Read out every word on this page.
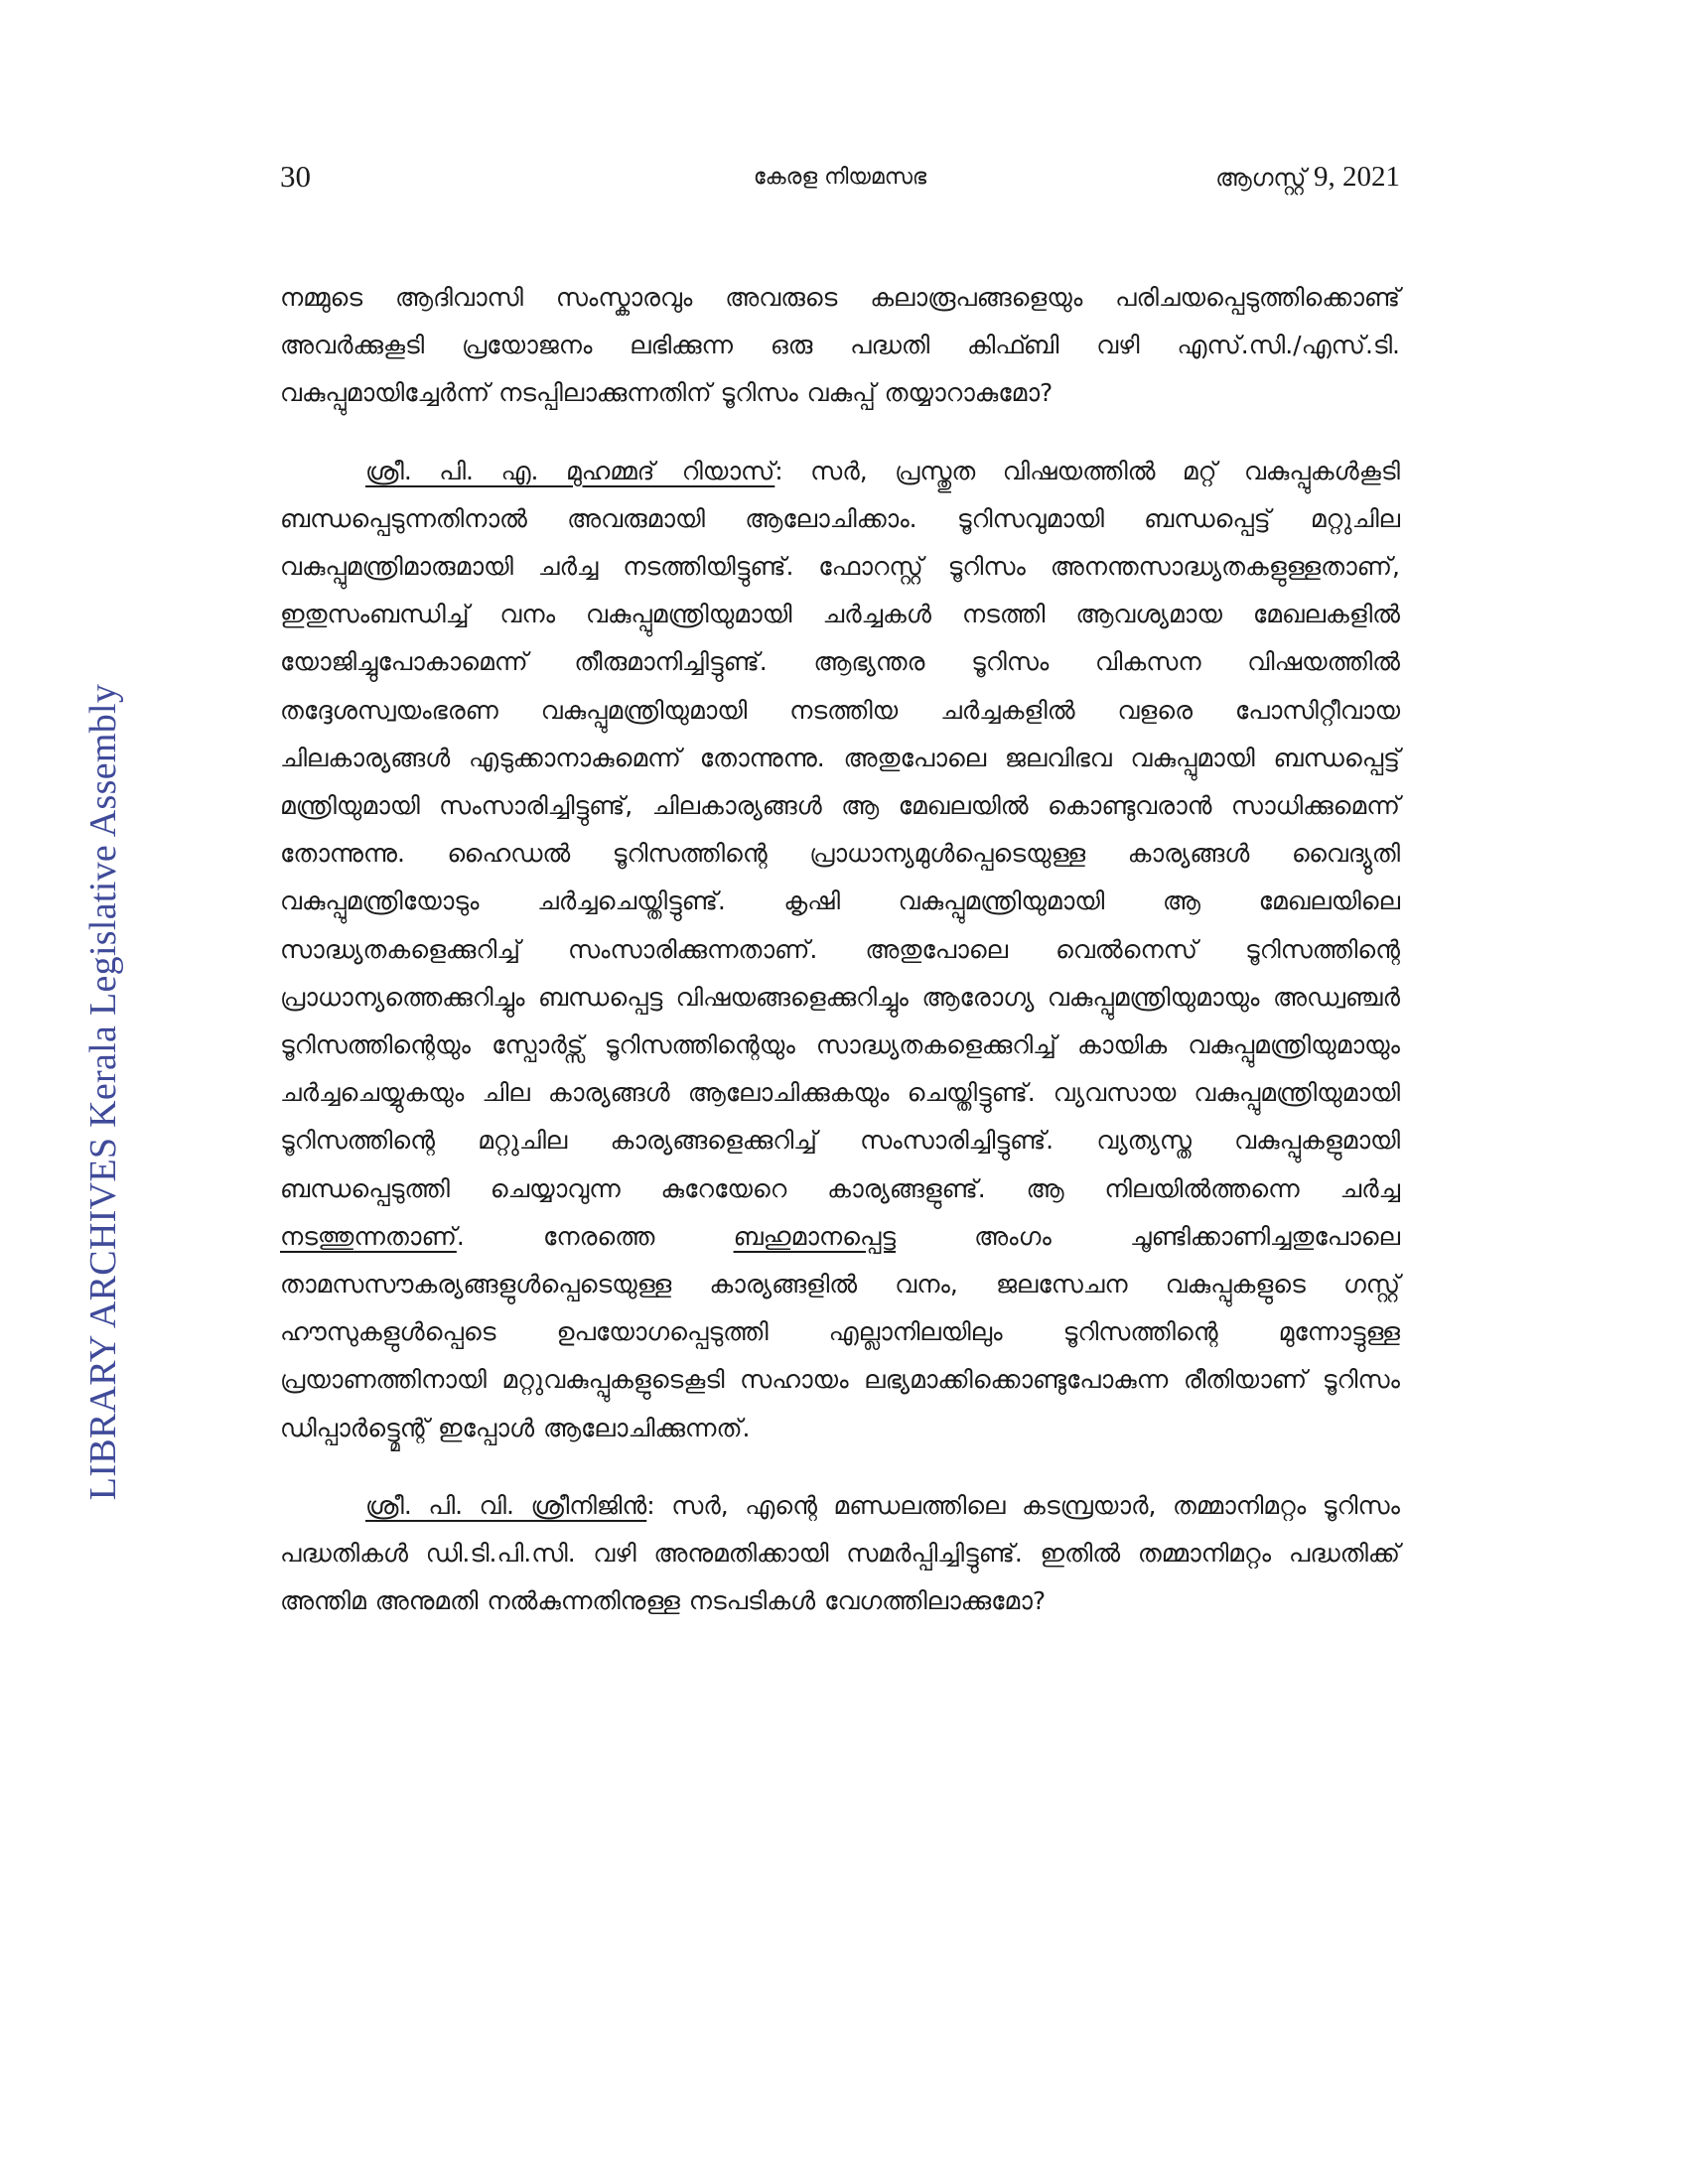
30	കേരള നിയമസഭ	ആഗസ്റ്റ് 9, 2021
LIBRARY ARCHIVES Kerala Legislative Assembly

നമ്മുടെ ആദിവാസി സംസ്കാരവും അവരുടെ കലാരൂപങ്ങളെയും പരിചയപ്പെടുത്തിക്കൊണ്ട് അവർക്കുകൂടി പ്രയോജനം ലഭിക്കുന്ന ഒരു പദ്ധതി കിഫ്ബി വഴി എസ്.സി./എസ്.ടി. വകുപ്പുമായിച്ചേർന്ന് നടപ്പിലാക്കുന്നതിന് ടൂറിസം വകുപ്പ് തയ്യാറാകുമോ?

ശ്രീ. പി. എ. മുഹമ്മദ് റിയാസ്: സർ, പ്രസ്തുത വിഷയത്തിൽ മറ്റ് വകുപ്പുകൾകൂടി ബന്ധപ്പെടുന്നതിനാൽ അവരുമായി ആലോചിക്കാം. ടൂറിസവുമായി ബന്ധപ്പെട്ട് മറ്റുചില വകുപ്പുമന്ത്രിമാരുമായി ചർച്ച നടത്തിയിട്ടുണ്ട്. ഫോറസ്റ്റ് ടൂറിസം അനന്തസാദ്ധ്യതകളുള്ളതാണ്, ഇതുസംബന്ധിച്ച് വനം വകുപ്പുമന്ത്രിയുമായി ചർച്ചകൾ നടത്തി ആവശ്യമായ മേഖലകളിൽ യോജിച്ചുപോകാമെന്ന് തീരുമാനിച്ചിട്ടുണ്ട്. ആഭ്യന്തര ടൂറിസം വികസന വിഷയത്തിൽ തദ്ദേശസ്വയംഭരണ വകുപ്പുമന്ത്രിയുമായി നടത്തിയ ചർച്ചകളിൽ വളരെ പോസിറ്റീവായ ചിലകാര്യങ്ങൾ എടുക്കാനാകുമെന്ന് തോന്നുന്നു. അതുപോലെ ജലവിഭവ വകുപ്പുമായി ബന്ധപ്പെട്ട് മന്ത്രിയുമായി സംസാരിച്ചിട്ടുണ്ട്, ചിലകാര്യങ്ങൾ ആ മേഖലയിൽ കൊണ്ടുവരാൻ സാധിക്കുമെന്ന് തോന്നുന്നു. ഹൈഡൽ ടൂറിസത്തിന്റെ പ്രാധാന്യമുൾപ്പെടെയുള്ള കാര്യങ്ങൾ വൈദ്യുതി വകുപ്പുമന്ത്രിയോടും ചർച്ചചെയ്തിട്ടുണ്ട്. കൃഷി വകുപ്പുമന്ത്രിയുമായി ആ മേഖലയിലെ സാദ്ധ്യതകളെക്കുറിച്ച് സംസാരിക്കുന്നതാണ്. അതുപോലെ വെൽനെസ് ടൂറിസത്തിന്റെ പ്രാധാന്യത്തെക്കുറിച്ചും ബന്ധപ്പെട്ട വിഷയങ്ങളെക്കുറിച്ചും ആരോഗ്യ വകുപ്പുമന്ത്രിയുമായും അഡ്വഞ്ചർ ടൂറിസത്തിന്റെയും സ്പോർട്സ് ടൂറിസത്തിന്റെയും സാദ്ധ്യതകളെക്കുറിച്ച് കായിക വകുപ്പുമന്ത്രിയുമായും ചർച്ചചെയ്യുകയും ചില കാര്യങ്ങൾ ആലോചിക്കുകയും ചെയ്തിട്ടുണ്ട്. വ്യവസായ വകുപ്പുമന്ത്രിയുമായി ടൂറിസത്തിന്റെ മറ്റുചില കാര്യങ്ങളെക്കുറിച്ച് സംസാരിച്ചിട്ടുണ്ട്. വ്യത്യസ്ത വകുപ്പുകളുമായി ബന്ധപ്പെടുത്തി ചെയ്യാവുന്ന കുറേയേറെ കാര്യങ്ങളുണ്ട്. ആ നിലയിൽത്തന്നെ ചർച്ച നടത്തുന്നതാണ്. നേരത്തെ ബഹുമാനപ്പെട്ട അംഗം ചൂണ്ടിക്കാണിച്ചതുപോലെ താമസസൗകര്യങ്ങളുൾപ്പെടെയുള്ള കാര്യങ്ങളിൽ വനം, ജലസേചന വകുപ്പുകളുടെ ഗസ്റ്റ് ഹൗസുകളുൾപ്പെടെ ഉപയോഗപ്പെടുത്തി എല്ലാനിലയിലും ടൂറിസത്തിന്റെ മുന്നോട്ടുള്ള പ്രയാണത്തിനായി മറ്റുവകുപ്പുകളുടെകൂടി സഹായം ലഭ്യമാക്കിക്കൊണ്ടുപോകുന്ന രീതിയാണ് ടൂറിസം ഡിപ്പാർട്ട്മെന്റ് ഇപ്പോൾ ആലോചിക്കുന്നത്.

ശ്രീ. പി. വി. ശ്രീനിജിൻ: സർ, എന്റെ മണ്ഡലത്തിലെ കടമ്പ്രയാർ, തമ്മാനിമറ്റം ടൂറിസം പദ്ധതികൾ ഡി.ടി.പി.സി. വഴി അനുമതിക്കായി സമർപ്പിച്ചിട്ടുണ്ട്. ഇതിൽ തമ്മാനിമറ്റം പദ്ധതിക്ക് അന്തിമ അനുമതി നൽകുന്നതിനുള്ള നടപടികൾ വേഗത്തിലാക്കുമോ?
